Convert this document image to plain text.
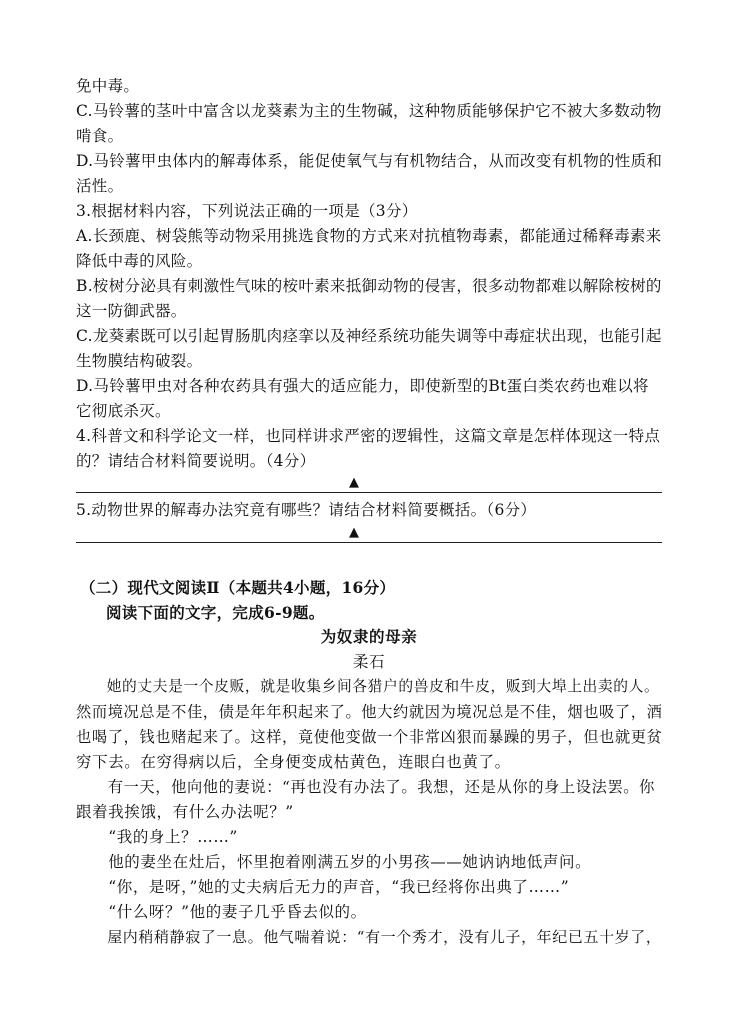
免中毒。
C.马铃薯的茎叶中富含以龙葵素为主的生物碱，这种物质能够保护它不被大多数动物
啃食。
D.马铃薯甲虫体内的解毒体系，能促使氧气与有机物结合，从而改变有机物的性质和
活性。
3.根据材料内容，下列说法正确的一项是（3分）
A.长颈鹿、树袋熊等动物采用挑选食物的方式来对抗植物毒素，都能通过稀释毒素来
降低中毒的风险。
B.桉树分泌具有刺激性气味的桉叶素来抵御动物的侵害，很多动物都难以解除桉树的
这一防御武器。
C.龙葵素既可以引起胃肠肌肉痉挛以及神经系统功能失调等中毒症状出现，也能引起
生物膜结构破裂。
D.马铃薯甲虫对各种农药具有强大的适应能力，即使新型的Bt蛋白类农药也难以将
它彻底杀灭。
4.科普文和科学论文一样，也同样讲求严密的逻辑性，这篇文章是怎样体现这一特点
的？请结合材料简要说明。（4分）
▲
5.动物世界的解毒办法究竟有哪些？请结合材料简要概括。（6分）
▲
（二）现代文阅读Ⅱ（本题共4小题，16分）
阅读下面的文字，完成6-9题。
为奴隶的母亲
柔石
　　她的丈夫是一个皮贩，就是收集乡间各猎户的兽皮和牛皮，贩到大埠上出卖的人。
然而境况总是不佳，债是年年积起来了。他大约就因为境况总是不佳，烟也吸了，酒
也喝了，钱也赌起来了。这样，竟使他变做一个非常凶狠而暴躁的男子，但也就更贫
穷下去。在穷得病以后，全身便变成枯黄色，连眼白也黄了。
　　有一天，他向他的妻说：“再也没有办法了。我想，还是从你的身上设法罢。你
跟着我挨饿，有什么办法呢？”
　　“我的身上？……”
　　他的妻坐在灶后，怀里抱着刚满五岁的小男孩——她讷讷地低声问。
　　“你，是呀，”她的丈夫病后无力的声音，“我已经将你出典了……”
　　“什么呀？”他的妻子几乎昏去似的。
　　屋内稍稍静寂了一息。他气喘着说：“有一个秀才，没有儿子，年纪已五十岁了，
